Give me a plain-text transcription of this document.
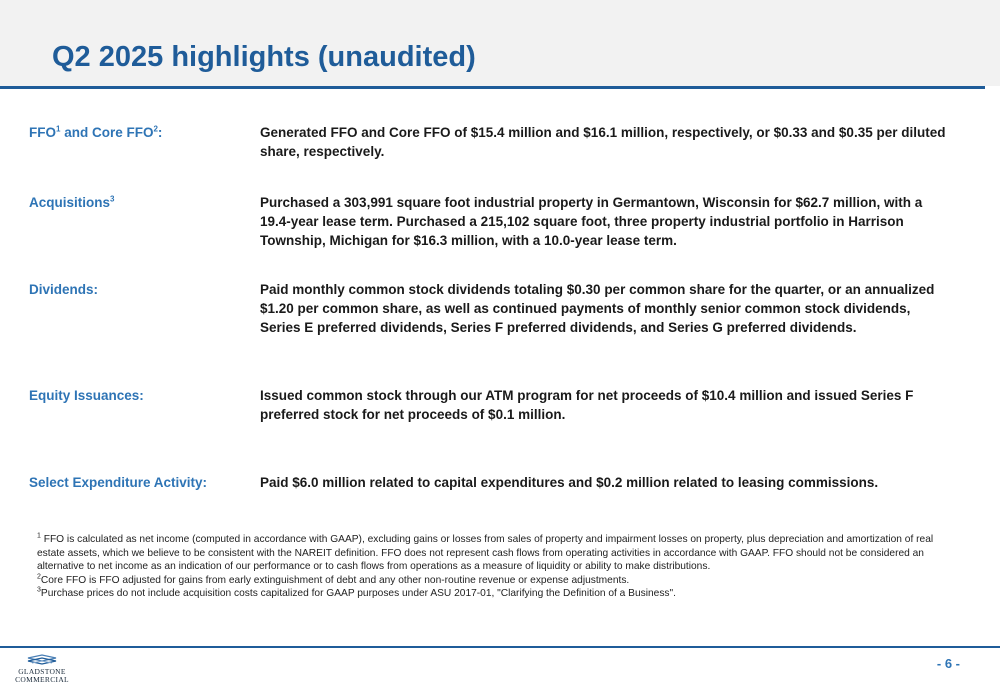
Q2 2025 highlights (unaudited)
FFO$^1$ and Core FFO$^2$:	Generated FFO and Core FFO of $15.4 million and $16.1 million, respectively, or $0.33 and $0.35 per diluted share, respectively.
Acquisitions$^3$	Purchased a 303,991 square foot industrial property in Germantown, Wisconsin for $62.7 million, with a 19.4-year lease term. Purchased a 215,102 square foot, three property industrial portfolio in Harrison Township, Michigan for $16.3 million, with a 10.0-year lease term.
Dividends:	Paid monthly common stock dividends totaling $0.30 per common share for the quarter, or an annualized $1.20 per common share, as well as continued payments of monthly senior common stock dividends, Series E preferred dividends, Series F preferred dividends, and Series G preferred dividends.
Equity Issuances:	Issued common stock through our ATM program for net proceeds of $10.4 million and issued Series F preferred stock for net proceeds of $0.1 million.
Select Expenditure Activity:	Paid $6.0 million related to capital expenditures and $0.2 million related to leasing commissions.

$^1$ FFO is calculated as net income (computed in accordance with GAAP), excluding gains or losses from sales of property and impairment losses on property, plus depreciation and amortization of real estate assets, which we believe to be consistent with the NAREIT definition. FFO does not represent cash flows from operating activities in accordance with GAAP. FFO should not be considered an alternative to net income as an indication of our performance or to cash flows from operations as a measure of liquidity or ability to make distributions.

$^2$Core FFO is FFO adjusted for gains from early extinguishment of debt and any other non-routine revenue or expense adjustments.

$^3$Purchase prices do not include acquisition costs capitalized for GAAP purposes under ASU 2017-01, "Clarifying the Definition of a Business".

GLADSTONE
COMMERCIAL
- 6 -
